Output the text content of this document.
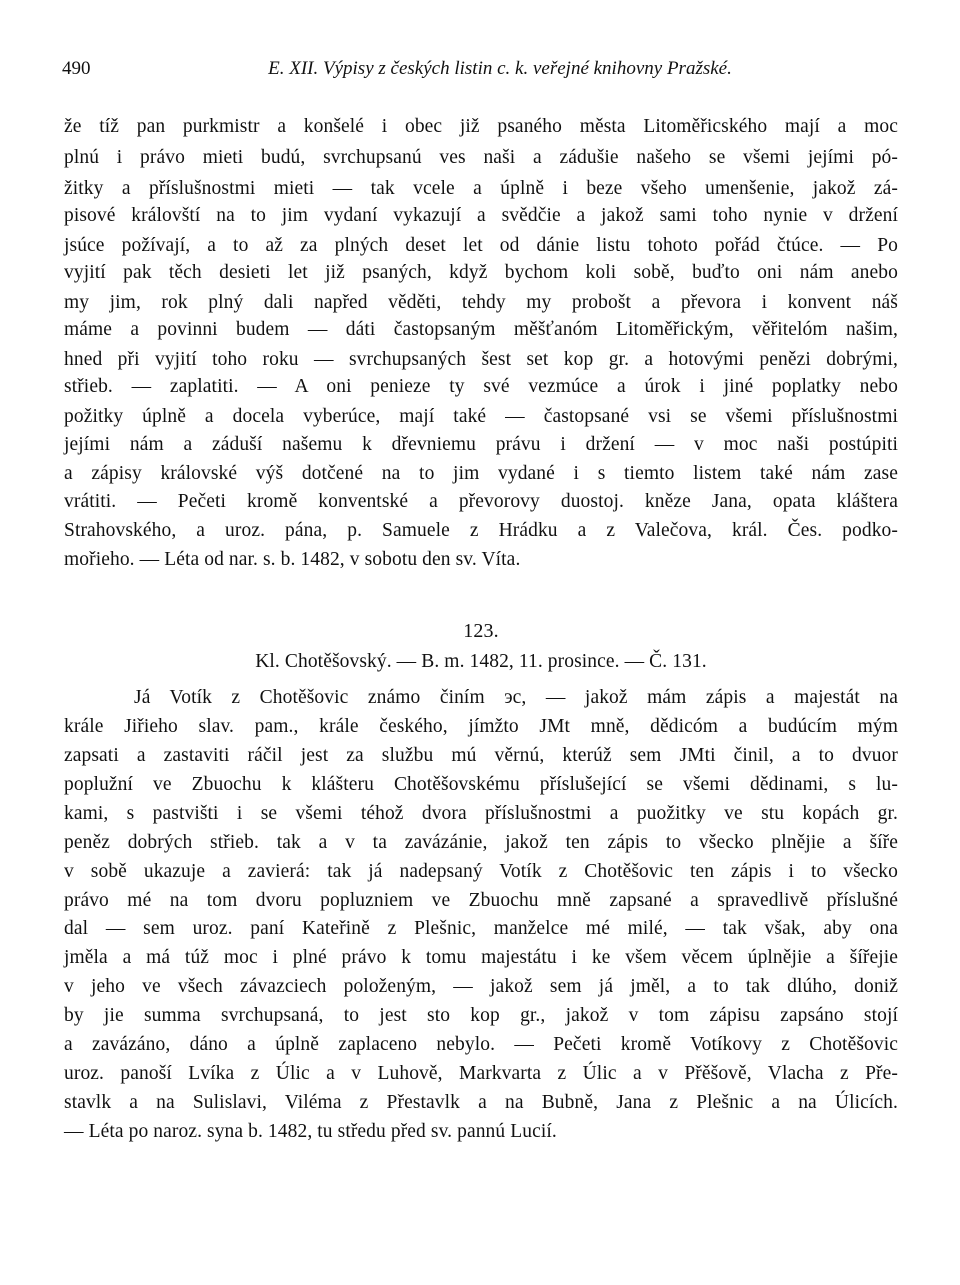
490	E. XII. Výpisy z českých listin c. k. veřejné knihovny Pražské.
že tíž pan purkmistr a konšelé i obec již psaného města Litoměřicského mají a moc
plnú i právo mieti budú, svrchupsanú ves naši a zádušie našeho se všemi jejími pó-
žitky a příslušnostmi mieti — tak vcele a úplně i beze všeho umenšenie, jakož zá-
pisové královští na to jim vydaní vykazují a svědčie a jakož sami toho nynie v držení
jsúce požívají, a to až za plných deset let od dánie listu tohoto pořád čtúce. — Po
vyjití pak těch desieti let již psaných, když bychom koli sobě, buďto oni nám anebo
my jim, rok plný dali napřed věděti, tehdy my probošt a převora i konvent náš
máme a povinni budem — dáti častopsaným měšťanóm Litoměřickým, věřitelóm našim,
hned při vyjití toho roku — svrchupsaných šest set kop gr. a hotovými penězi dobrými,
střieb. — zaplatiti. — A oni penieze ty své vezmúce a úrok i jiné poplatky nebo
požitky úplně a docela vyberúce, mají také — častopsané vsi se všemi příslušnostmi
jejími nám a záduší našemu k dřevniemu právu i držení — v moc naši postúpiti
a zápisy královské výš dotčené na to jim vydané i s tiemto listem také nám zase
vrátiti. — Pečeti kromě konventské a převorovy duostoj. kněze Jana, opata kláštera
Strahovského, a uroz. pána, p. Samuele z Hrádku a z Valečova, král. Čes. podko-
mořieho. — Léta od nar. s. b. 1482, v sobotu den sv. Víta.
123.
Kl. Chotěšovský. — B. m. 1482, 11. prosince. — Č. 131.
Já Votík z Chotěšovic známo činím эc, — jakož mám zápis a majestát na
krále Jiřieho slav. pam., krále českého, jímžto JMt mně, dědicóm a budúcím mým
zapsati a zastaviti ráčil jest za službu mú věrnú, kterúž sem JMti činil, a to dvuor
poplužní ve Zbuochu k klášteru Chotěšovskému příslušející se všemi dědinami, s lu-
kami, s pastvišti i se všemi téhož dvora příslušnostmi a puožitky ve stu kopách gr.
peněz dobrých střieb. tak a v ta zavázánie, jakož ten zápis to všecko plnějie a šíře
v sobě ukazuje a zavierá: tak já nadepsaný Votík z Chotěšovic ten zápis i to všecko
právo mé na tom dvoru popluzniem ve Zbuochu mně zapsané a spravedlivě příslušné
dal — sem uroz. paní Kateřině z Plešnic, manželce mé milé, — tak však, aby ona
jměla a má túž moc i plné právo k tomu majestátu i ke všem věcem úplnějie a šířejie
v jeho ve všech závazciech položeným, — jakož sem já jměl, a to tak dlúho, doniž
by jie summa svrchupsaná, to jest sto kop gr., jakož v tom zápisu zapsáno stojí
a zavázáno, dáno a úplně zaplaceno nebylo. — Pečeti kromě Votíkovy z Chotěšovic
uroz. panoší Lvíka z Úlic a v Luhově, Markvarta z Úlic a v Přěšově, Vlacha z Pře-
stavlk a na Sulislavi, Viléma z Přestavlk a na Bubně, Jana z Plešnic a na Úlicích.
— Léta po naroz. syna b. 1482, tu středu před sv. pannú Lucií.
